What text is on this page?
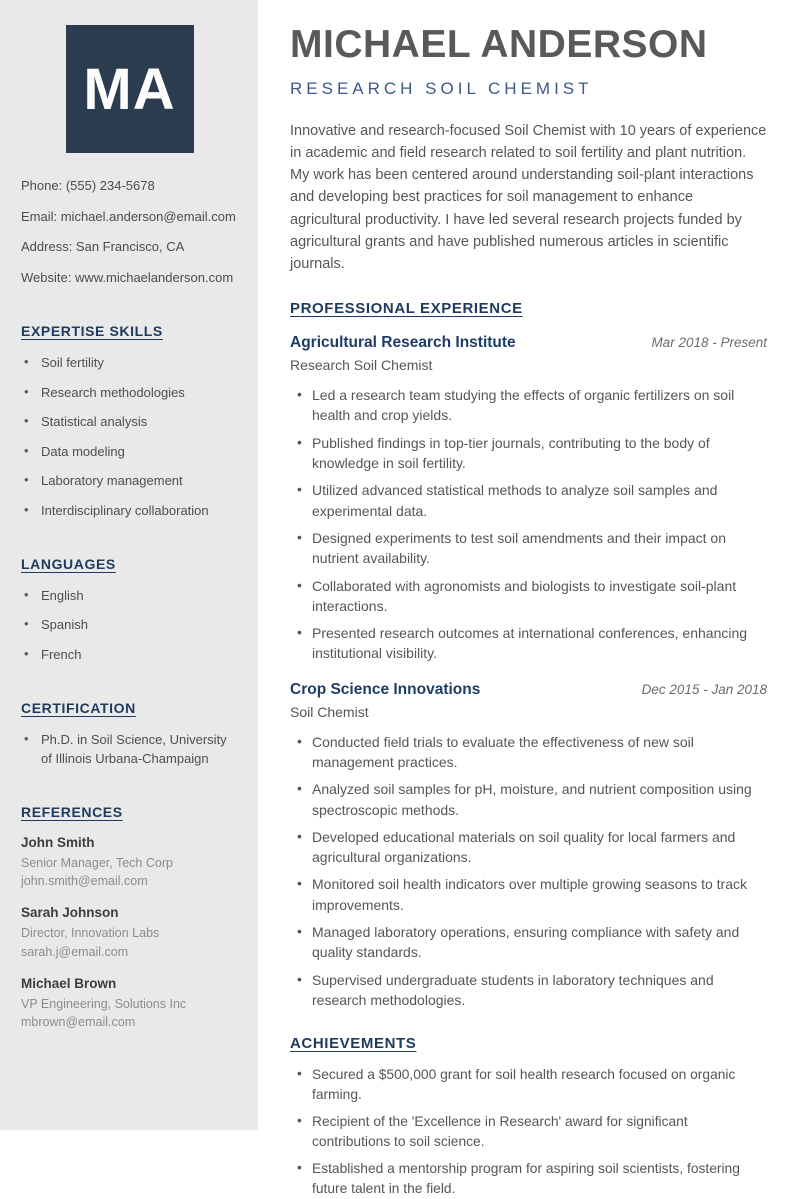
MA
Phone: (555) 234-5678
Email: michael.anderson@email.com
Address: San Francisco, CA
Website: www.michaelanderson.com
EXPERTISE SKILLS
• Soil fertility
• Research methodologies
• Statistical analysis
• Data modeling
• Laboratory management
• Interdisciplinary collaboration
LANGUAGES
• English
• Spanish
• French
CERTIFICATION
• Ph.D. in Soil Science, University of Illinois Urbana-Champaign
REFERENCES
John Smith
Senior Manager, Tech Corp
john.smith@email.com
Sarah Johnson
Director, Innovation Labs
sarah.j@email.com
Michael Brown
VP Engineering, Solutions Inc
mbrown@email.com
MICHAEL ANDERSON
RESEARCH SOIL CHEMIST

Innovative and research-focused Soil Chemist with 10 years of experience in academic and field research related to soil fertility and plant nutrition. My work has been centered around understanding soil-plant interactions and developing best practices for soil management to enhance agricultural productivity. I have led several research projects funded by agricultural grants and have published numerous articles in scientific journals.

PROFESSIONAL EXPERIENCE
Agricultural Research Institute	Mar 2018 - Present
Research Soil Chemist
• Led a research team studying the effects of organic fertilizers on soil health and crop yields.
• Published findings in top-tier journals, contributing to the body of knowledge in soil fertility.
• Utilized advanced statistical methods to analyze soil samples and experimental data.
• Designed experiments to test soil amendments and their impact on nutrient availability.
• Collaborated with agronomists and biologists to investigate soil-plant interactions.
• Presented research outcomes at international conferences, enhancing institutional visibility.
Crop Science Innovations	Dec 2015 - Jan 2018
Soil Chemist
• Conducted field trials to evaluate the effectiveness of new soil management practices.
• Analyzed soil samples for pH, moisture, and nutrient composition using spectroscopic methods.
• Developed educational materials on soil quality for local farmers and agricultural organizations.
• Monitored soil health indicators over multiple growing seasons to track improvements.
• Managed laboratory operations, ensuring compliance with safety and quality standards.
• Supervised undergraduate students in laboratory techniques and research methodologies.
ACHIEVEMENTS
• Secured a $500,000 grant for soil health research focused on organic farming.
• Recipient of the 'Excellence in Research' award for significant contributions to soil science.
• Established a mentorship program for aspiring soil scientists, fostering future talent in the field.
